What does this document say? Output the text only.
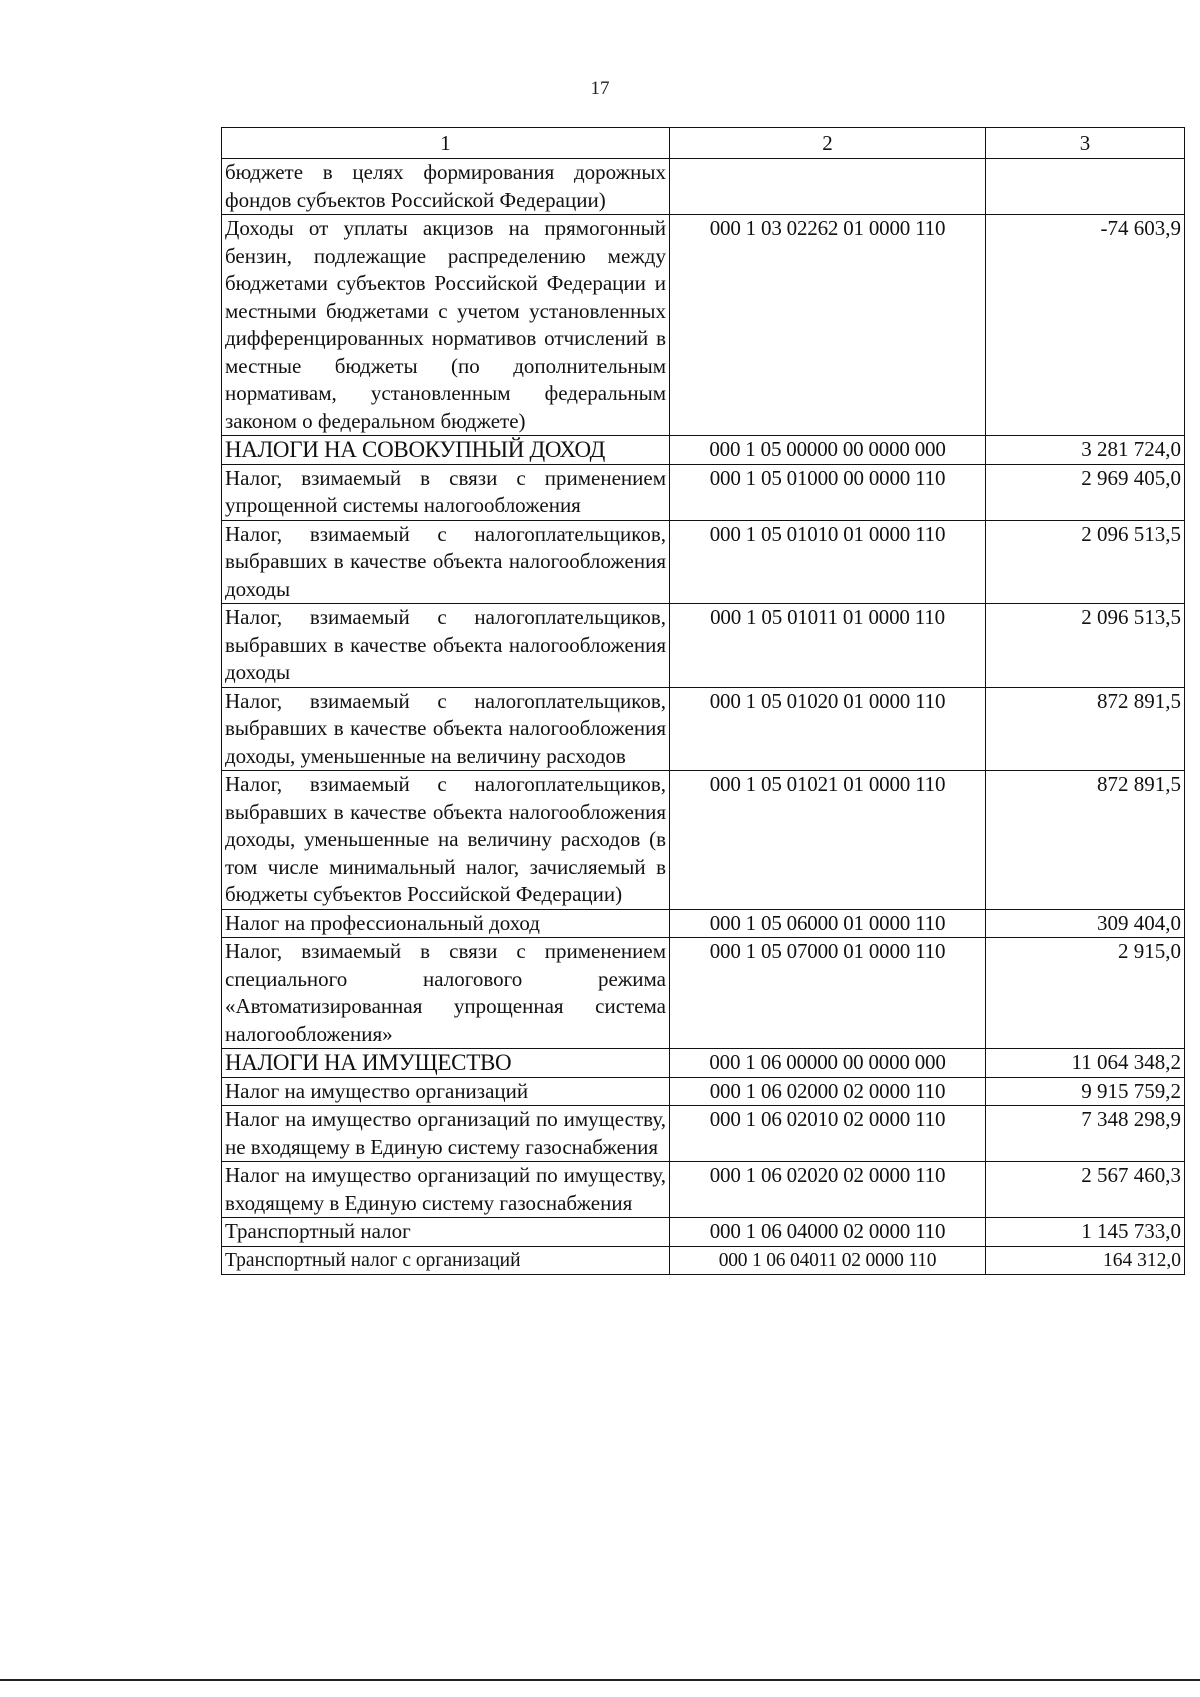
17
1	2	3
бюджете в целях формирования дорожных фондов субъектов Российской Федерации)		
Доходы от уплаты акцизов на прямогонный бензин, подлежащие распределению между бюджетами субъектов Российской Федерации и местными бюджетами с учетом установленных дифференцированных нормативов отчислений в местные бюджеты (по дополнительным нормативам, установленным федеральным законом о федеральном бюджете)	000 1 03 02262 01 0000 110	-74 603,9
НАЛОГИ НА СОВОКУПНЫЙ ДОХОД	000 1 05 00000 00 0000 000	3 281 724,0
Налог, взимаемый в связи с применением упрощенной системы налогообложения	000 1 05 01000 00 0000 110	2 969 405,0
Налог, взимаемый с налогоплательщиков, выбравших в качестве объекта налогообложения доходы	000 1 05 01010 01 0000 110	2 096 513,5
Налог, взимаемый с налогоплательщиков, выбравших в качестве объекта налогообложения доходы	000 1 05 01011 01 0000 110	2 096 513,5
Налог, взимаемый с налогоплательщиков, выбравших в качестве объекта налогообложения доходы, уменьшенные на величину расходов	000 1 05 01020 01 0000 110	872 891,5
Налог, взимаемый с налогоплательщиков, выбравших в качестве объекта налогообложения доходы, уменьшенные на величину расходов (в том числе минимальный налог, зачисляемый в бюджеты субъектов Российской Федерации)	000 1 05 01021 01 0000 110	872 891,5
Налог на профессиональный доход	000 1 05 06000 01 0000 110	309 404,0
Налог, взимаемый в связи с применением специального налогового режима «Автоматизированная упрощенная система налогообложения»	000 1 05 07000 01 0000 110	2 915,0
НАЛОГИ НА ИМУЩЕСТВО	000 1 06 00000 00 0000 000	11 064 348,2
Налог на имущество организаций	000 1 06 02000 02 0000 110	9 915 759,2
Налог на имущество организаций по имуществу, не входящему в Единую систему газоснабжения	000 1 06 02010 02 0000 110	7 348 298,9
Налог на имущество организаций по имуществу, входящему в Единую систему газоснабжения	000 1 06 02020 02 0000 110	2 567 460,3
Транспортный налог	000 1 06 04000 02 0000 110	1 145 733,0
Транспортный налог с организаций	000 1 06 04011 02 0000 110	164 312,0
